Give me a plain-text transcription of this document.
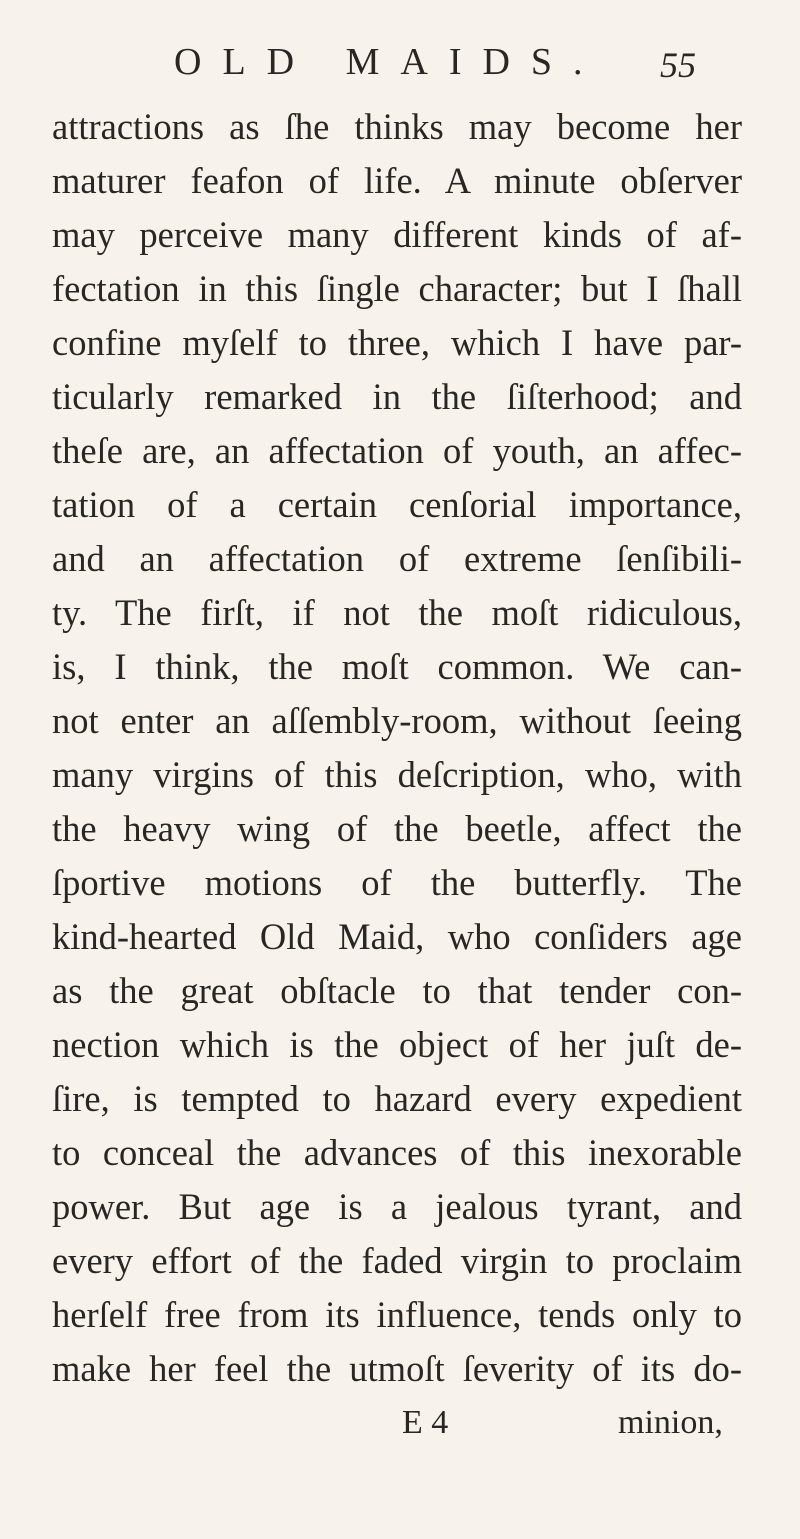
OLD MAIDS. 55
attractions as ſhe thinks may become her
maturer feafon of life. A minute obſerver
may perceive many different kinds of af-
fectation in this ſingle character; but I ſhall
confine myſelf to three, which I have par-
ticularly remarked in the ſiſterhood; and
theſe are, an affectation of youth, an affec-
tation of a certain cenſorial importance,
and an affectation of extreme ſenſibili-
ty. The firſt, if not the moſt ridiculous,
is, I think, the moſt common. We can-
not enter an aſſembly-room, without ſeeing
many virgins of this deſcription, who, with
the heavy wing of the beetle, affect the
ſportive motions of the butterfly. The
kind-hearted Old Maid, who conſiders age
as the great obſtacle to that tender con-
nection which is the object of her juſt de-
ſire, is tempted to hazard every expedient
to conceal the advances of this inexorable
power. But age is a jealous tyrant, and
every effort of the faded virgin to proclaim
herſelf free from its influence, tends only to
make her feel the utmoſt ſeverity of its do-
E 4	minion,
